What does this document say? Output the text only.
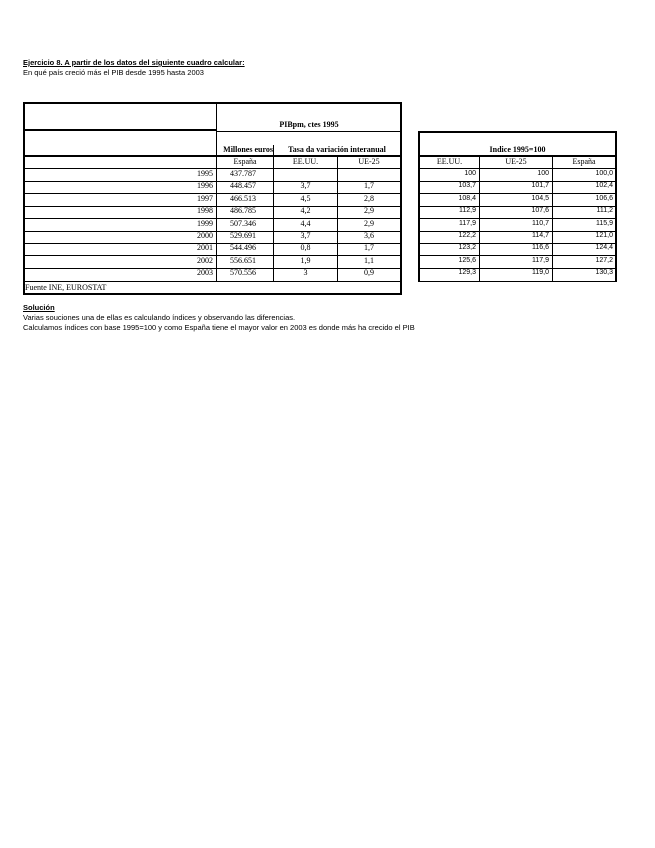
Ejercicio 8. A partir de los datos del siguiente cuadro calcular:
En qué país creció más el PIB desde 1995 hasta 2003
PIBpm, ctes 1995
Millones euros	Tasa da variación interanual
España	EE.UU.	UE-25
1995 437.787
1996 448.457	3,7	1,7
1997 466.513	4,5	2,8
1998 486.785	4,2	2,9
1999 507.346	4,4	2,9
2000 529.691	3,7	3,6
2001 544.496	0,8	1,7
2002 556.651	1,9	1,1
2003 570.556	3	0,9
Fuente INE, EUROSTAT
Indice 1995=100
EE.UU.	UE-25	España
100	100	100,0
103,7	101,7	102,4
108,4	104,5	106,6
112,9	107,6	111,2
117,9	110,7	115,9
122,2	114,7	121,0
123,2	116,6	124,4
125,6	117,9	127,2
129,3	119,0	130,3
Solución
Varias souciones una de ellas es calculando índices y observando las diferencias.
Calculamos índices con base 1995=100 y como España tiene el mayor valor en 2003 es donde más ha crecido el PIB
